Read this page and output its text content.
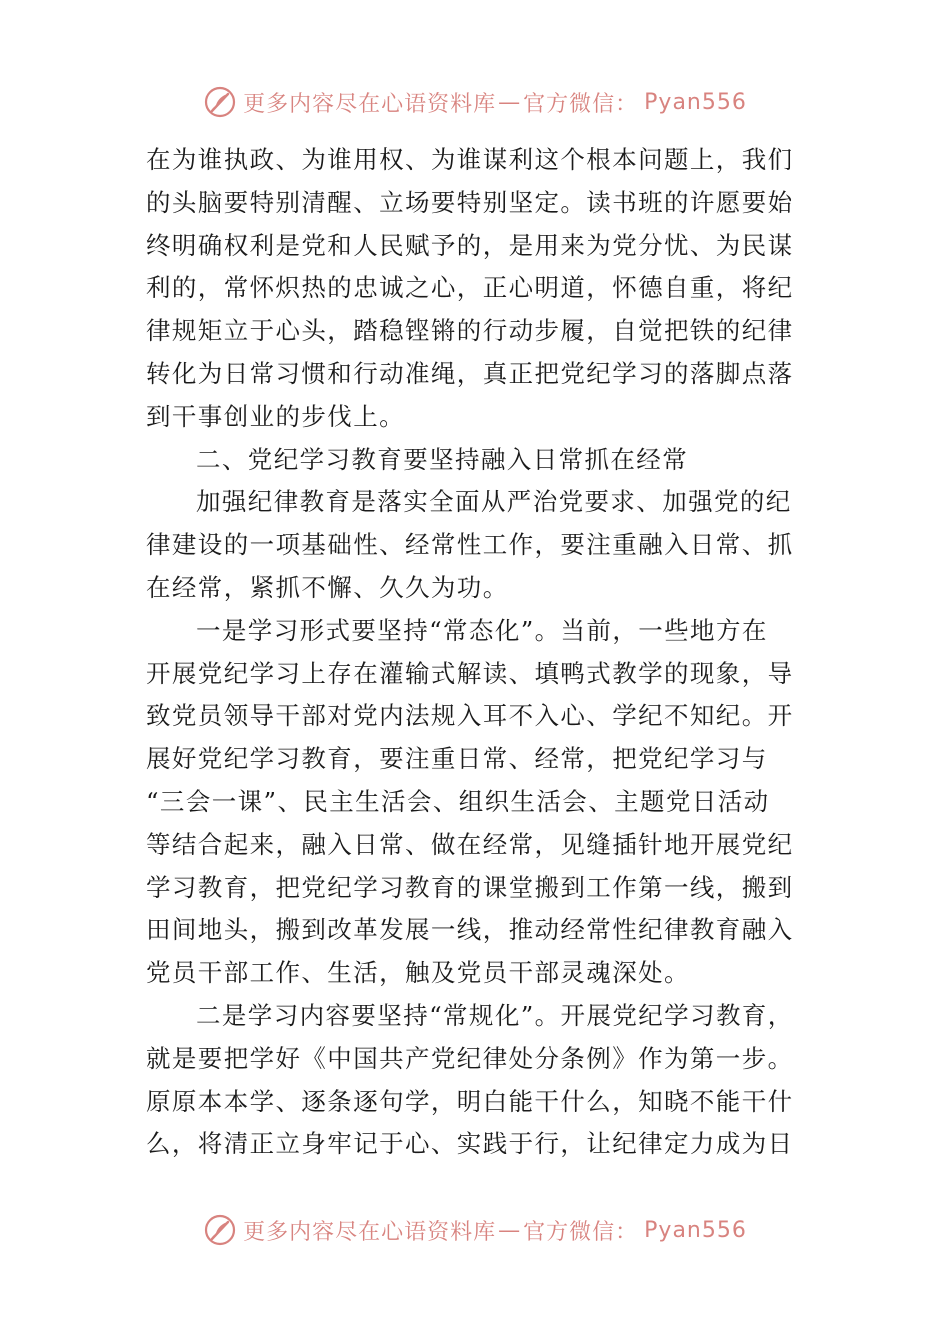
更多内容尽在心语资料库 — 官方微信： Pyan556
在为谁执政、为谁用权、为谁谋利这个根本问题上，我们
的头脑要特别清醒、立场要特别坚定。读书班的许愿要始
终明确权利是党和人民赋予的，是用来为党分忧、为民谋
利的，常怀炽热的忠诚之心，正心明道，怀德自重，将纪
律规矩立于心头，踏稳铿锵的行动步履，自觉把铁的纪律
转化为日常习惯和行动准绳，真正把党纪学习的落脚点落
到干事创业的步伐上。
二、党纪学习教育要坚持融入日常抓在经常
加强纪律教育是落实全面从严治党要求、加强党的纪
律建设的一项基础性、经常性工作，要注重融入日常、抓
在经常，紧抓不懈、久久为功。
一是学习形式要坚持“常态化”。当前，一些地方在
开展党纪学习上存在灌输式解读、填鸭式教学的现象，导
致党员领导干部对党内法规入耳不入心、学纪不知纪。开
展好党纪学习教育，要注重日常、经常，把党纪学习与
“三会一课”、民主生活会、组织生活会、主题党日活动
等结合起来，融入日常、做在经常，见缝插针地开展党纪
学习教育，把党纪学习教育的课堂搬到工作第一线，搬到
田间地头，搬到改革发展一线，推动经常性纪律教育融入
党员干部工作、生活，触及党员干部灵魂深处。
二是学习内容要坚持“常规化”。开展党纪学习教育，
就是要把学好《中国共产党纪律处分条例》作为第一步。
原原本本学、逐条逐句学，明白能干什么，知晓不能干什
么，将清正立身牢记于心、实践于行，让纪律定力成为日
更多内容尽在心语资料库 — 官方微信： Pyan556
